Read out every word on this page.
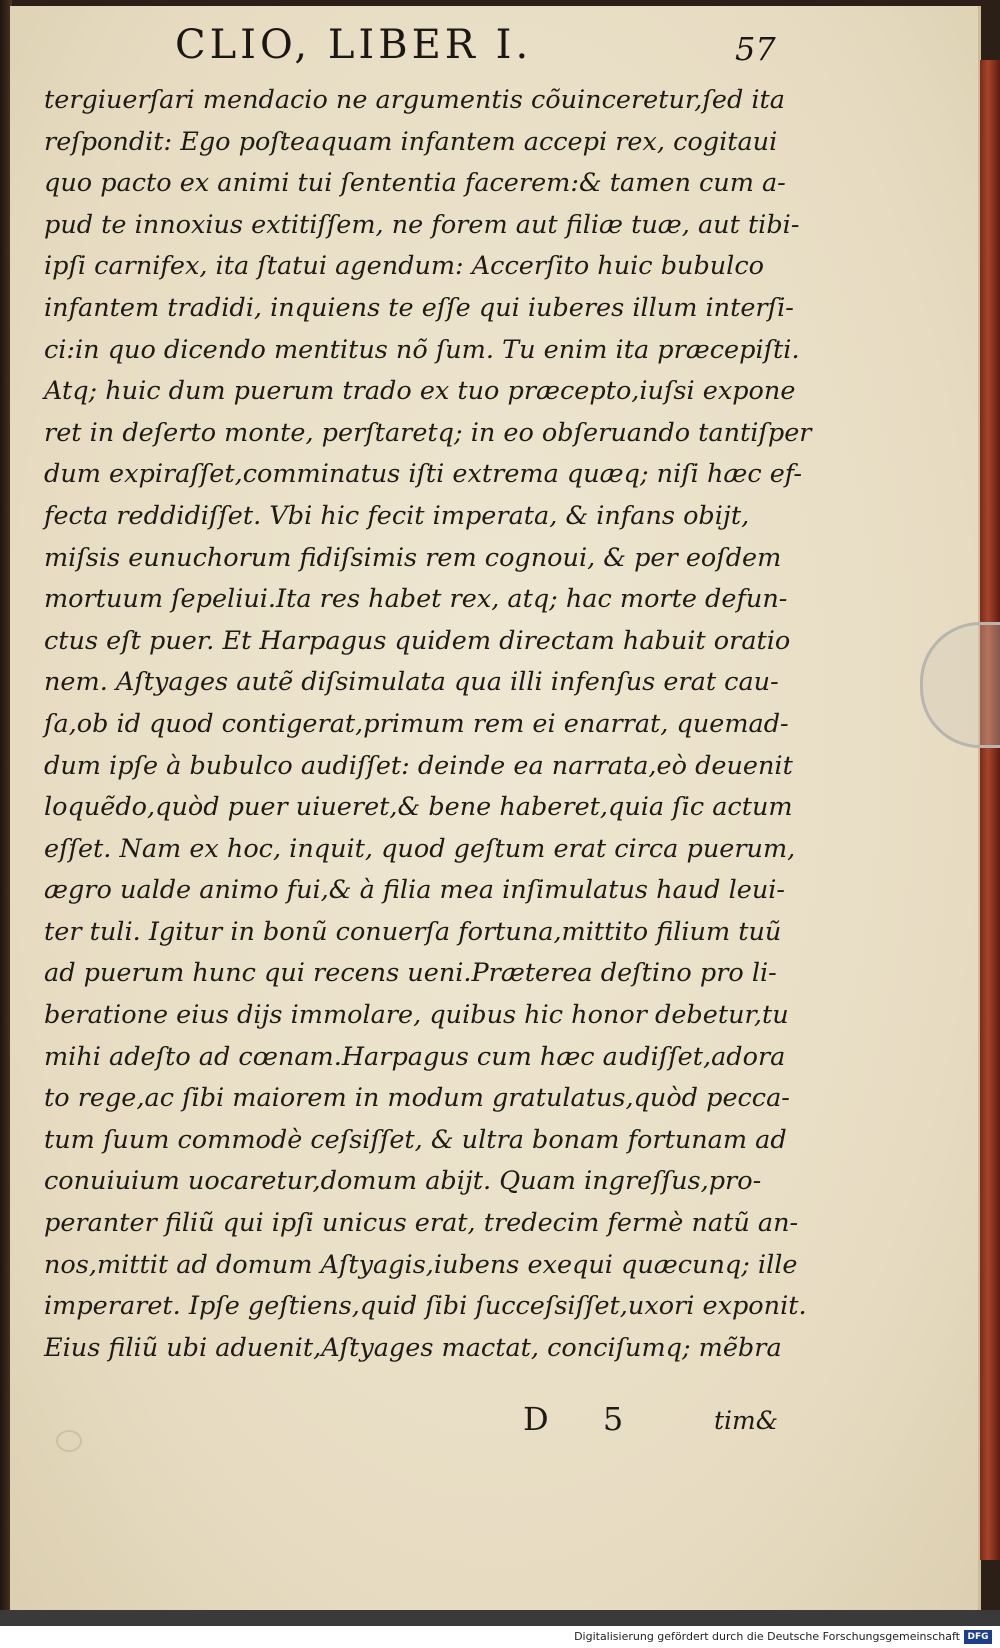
CLIO, LIBER I.	57
tergiuerſari mendacio ne argumentis cõuinceretur,ſed ita
reſpondit: Ego poſteaquam infantem accepi rex, cogitaui
quo pacto ex animi tui ſententia facerem:& tamen cum a-
pud te innoxius extitiſſem, ne forem aut filiæ tuæ, aut tibi-
ipſi carnifex, ita ſtatui agendum: Accerſito huic bubulco
infantem tradidi, inquiens te eſſe qui iuberes illum interſi-
ci:in quo dicendo mentitus nõ ſum. Tu enim ita præcepiſti.
Atq; huic dum puerum trado ex tuo præcepto,iuſsi expone
ret in deſerto monte, perſtaretq; in eo obſeruando tantiſper
dum expiraſſet,comminatus iſti extrema quæq; niſi hæc ef-
fecta reddidiſſet. Vbi hic fecit imperata, & infans obijt,
miſsis eunuchorum fidiſsimis rem cognoui, & per eoſdem
mortuum ſepeliui.Ita res habet rex, atq; hac morte defun-
ctus eſt puer. Et Harpagus quidem directam habuit oratio
nem. Aſtyages autẽ diſsimulata qua illi infenſus erat cau-
ſa,ob id quod contigerat,primum rem ei enarrat, quemad-
dum ipſe à bubulco audiſſet: deinde ea narrata,eò deuenit
loquẽdo,quòd puer uiueret,& bene haberet,quia ſic actum
eſſet. Nam ex hoc, inquit, quod geſtum erat circa puerum,
ægro ualde animo fui,& à filia mea inſimulatus haud leui-
ter tuli. Igitur in bonũ conuerſa fortuna,mittito filium tuũ
ad puerum hunc qui recens ueni.Præterea deſtino pro li-
beratione eius dijs immolare, quibus hic honor debetur,tu
mihi adeſto ad cœnam.Harpagus cum hæc audiſſet,adora
to rege,ac ſibi maiorem in modum gratulatus,quòd pecca-
tum ſuum commodè ceſsiſſet, & ultra bonam fortunam ad
conuiuium uocaretur,domum abijt. Quam ingreſſus,pro-
peranter filiũ qui ipſi unicus erat, tredecim fermè natũ an-
nos,mittit ad domum Aſtyagis,iubens exequi quæcunq; ille
imperaret. Ipſe geſtiens,quid ſibi ſucceſsiſſet,uxori exponit.
Eius filiũ ubi aduenit,Aſtyages mactat, conciſumq; mẽbra
D 5	tim&
Digitalisierung gefördert durch die Deutsche Forschungsgemeinschaft DFG
